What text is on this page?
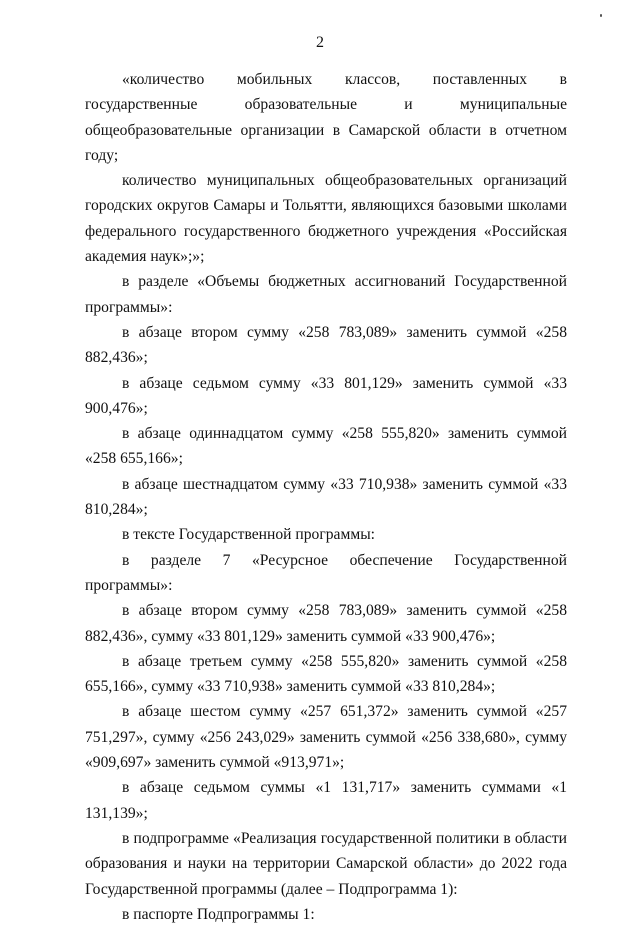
2

«количество мобильных классов, поставленных в государственные образовательные и муниципальные общеобразовательные организации в Самарской области в отчетном году;

количество муниципальных общеобразовательных организаций городских округов Самары и Тольятти, являющихся базовыми школами федерального государственного бюджетного учреждения «Российская академия наук»;»;

в разделе «Объемы бюджетных ассигнований Государственной программы»:

в абзаце втором сумму «258 783,089» заменить суммой «258 882,436»;

в абзаце седьмом сумму «33 801,129» заменить суммой «33 900,476»;

в абзаце одиннадцатом сумму «258 555,820» заменить суммой «258 655,166»;

в абзаце шестнадцатом сумму «33 710,938» заменить суммой «33 810,284»;

в тексте Государственной программы:

в разделе 7 «Ресурсное обеспечение Государственной программы»:

в абзаце втором сумму «258 783,089» заменить суммой «258 882,436», сумму «33 801,129» заменить суммой «33 900,476»;

в абзаце третьем сумму «258 555,820» заменить суммой «258 655,166», сумму «33 710,938» заменить суммой «33 810,284»;

в абзаце шестом сумму «257 651,372» заменить суммой «257 751,297», сумму «256 243,029» заменить суммой «256 338,680», сумму «909,697» заменить суммой «913,971»;

в абзаце седьмом суммы «1 131,717» заменить суммами «1 131,139»;

в подпрограмме «Реализация государственной политики в области образования и науки на территории Самарской области» до 2022 года Государственной программы (далее – Подпрограмма 1):

в паспорте Подпрограммы 1:
